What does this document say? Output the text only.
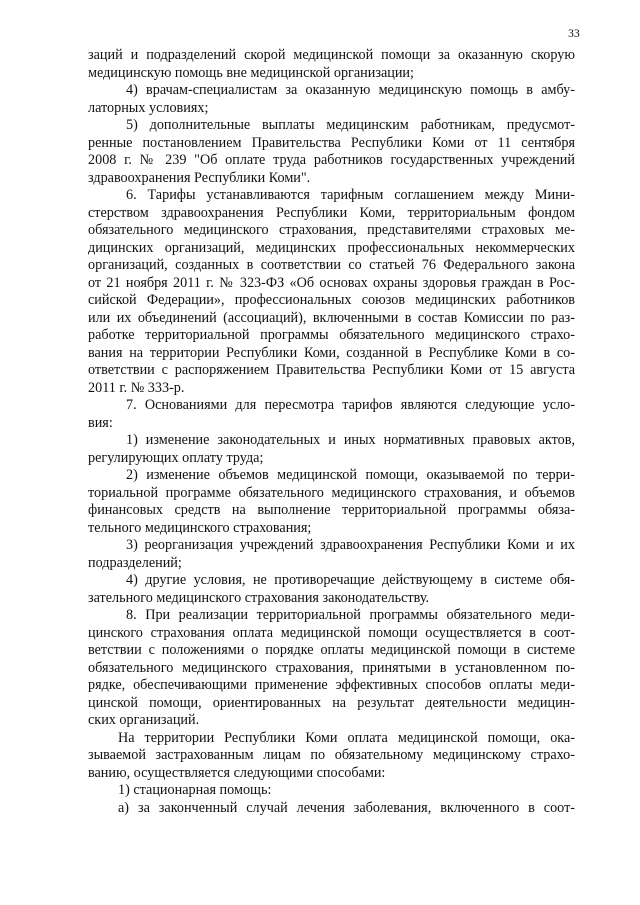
33
заций и подразделений скорой медицинской помощи за оказанную скорую
медицинскую помощь вне медицинской организации;
4) врачам-специалистам за оказанную медицинскую помощь в амбу-
латорных условиях;
5) дополнительные выплаты медицинским работникам, предусмот-
ренные постановлением Правительства Республики Коми от 11 сентября
2008 г. № 239 "Об оплате труда работников государственных учреждений
здравоохранения Республики Коми".
6. Тарифы устанавливаются тарифным соглашением между Мини-
стерством здравоохранения Республики Коми, территориальным фондом
обязательного медицинского страхования, представителями страховых ме-
дицинских организаций, медицинских профессиональных некоммерческих
организаций, созданных в соответствии со статьей 76 Федерального закона
от 21 ноября 2011 г. № 323-ФЗ «Об основах охраны здоровья граждан в Рос-
сийской Федерации», профессиональных союзов медицинских работников
или их объединений (ассоциаций), включенными в состав Комиссии по раз-
работке территориальной программы обязательного медицинского страхо-
вания на территории Республики Коми, созданной в Республике Коми в со-
ответствии с распоряжением Правительства Республики Коми от 15 августа
2011 г. № 333-р.
7. Основаниями для пересмотра тарифов являются следующие усло-
вия:
1) изменение законодательных и иных нормативных правовых актов,
регулирующих оплату труда;
2) изменение объемов медицинской помощи, оказываемой по терри-
ториальной программе обязательного медицинского страхования, и объемов
финансовых средств на выполнение территориальной программы обяза-
тельного медицинского страхования;
3) реорганизация учреждений здравоохранения Республики Коми и их
подразделений;
4) другие условия, не противоречащие действующему в системе обя-
зательного медицинского страхования законодательству.
8. При реализации территориальной программы обязательного меди-
цинского страхования оплата медицинской помощи осуществляется в соот-
ветствии с положениями о порядке оплаты медицинской помощи в системе
обязательного медицинского страхования, принятыми в установленном по-
рядке, обеспечивающими применение эффективных способов оплаты меди-
цинской помощи, ориентированных на результат деятельности медицин-
ских организаций.
На территории Республики Коми оплата медицинской помощи, ока-
зываемой застрахованным лицам по обязательному медицинскому страхо-
ванию, осуществляется следующими способами:
1) стационарная помощь:
а) за законченный случай лечения заболевания, включенного в соот-
